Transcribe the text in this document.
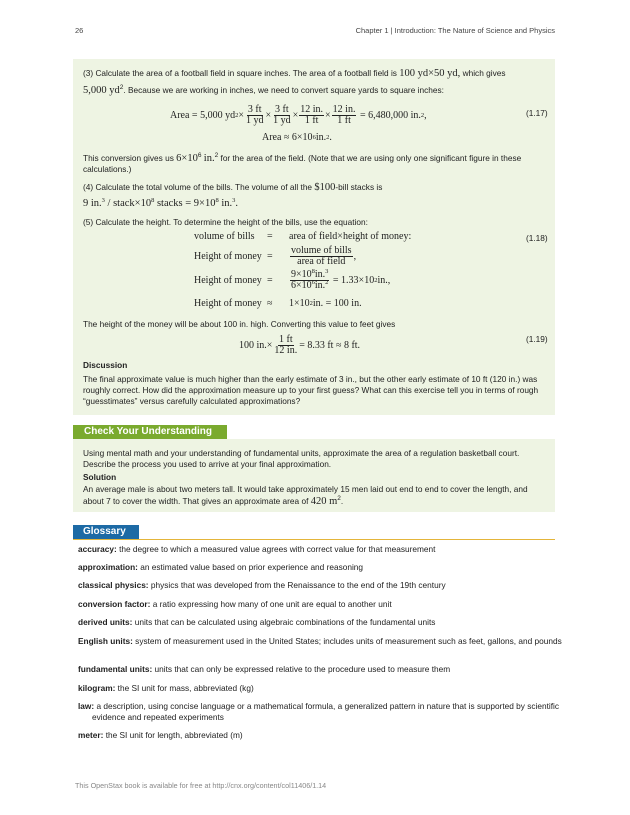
26	Chapter 1 | Introduction: The Nature of Science and Physics
(3) Calculate the area of a football field in square inches. The area of a football field is 100 yd×50 yd, which gives
5,000 $yd^2$. Because we are working in inches, we need to convert square yards to square inches:
Area = 5,000 yd $2 \times \frac{3 ft}{1 yd} \times \frac{3 ft}{1 yd} \times \frac{12 in.}{1 ft} \times \frac{12 in.}{1 ft} = 6,480,000$ in. 2 ,
Area ≈ 6×10 6 in. 2 .
(1.17)
This conversion gives us $6\times 10^6$ in.$^2$ for the area of the field. (Note that we are using only one significant figure in these calculations.)
(4) Calculate the total volume of the bills. The volume of all the $100-bill stacks is
9 $in.^3 / stack\times 10^8$ stacks = $9\times 10^8$ in.$^3$.
(5) Calculate the height. To determine the height of the bills, use the equation:
volume of bills	=	area of field×height of money:
Height of money =	$\frac{\text{volume of bills}}{\text{area of field}}$ ,
Height of money =	$\frac{9\times 10^8in.^3}{6\times 10^6in.^2} = 1.33\times 10$ 2 in.,
Height of money ≈	1×10 2 in. = 100 in.
(1.18)
The height of the money will be about 100 in. high. Converting this value to feet gives
100 $in.\times \frac{1 ft}{12 in.} = 8.33$ ft ≈ 8 ft.
(1.19)
Discussion
The final approximate value is much higher than the early estimate of 3 in., but the other early estimate of 10 ft (120 in.) was roughly correct. How did the approximation measure up to your first guess? What can this exercise tell you in terms of rough “guesstimates” versus carefully calculated approximations?
Check Your Understanding
Using mental math and your understanding of fundamental units, approximate the area of a regulation basketball court. Describe the process you used to arrive at your final approximation.
Solution
An average male is about two meters tall. It would take approximately 15 men laid out end to end to cover the length, and about 7 to cover the width. That gives an approximate area of 420 $m^2$.
Glossary
accuracy: the degree to which a measured value agrees with correct value for that measurement
approximation: an estimated value based on prior experience and reasoning
classical physics: physics that was developed from the Renaissance to the end of the 19th century
conversion factor: a ratio expressing how many of one unit are equal to another unit
derived units: units that can be calculated using algebraic combinations of the fundamental units
English units: system of measurement used in the United States; includes units of measurement such as feet, gallons, and pounds
fundamental units: units that can only be expressed relative to the procedure used to measure them
kilogram: the SI unit for mass, abbreviated (kg)
law: a description, using concise language or a mathematical formula, a generalized pattern in nature that is supported by scientific evidence and repeated experiments
meter: the SI unit for length, abbreviated (m)
This OpenStax book is available for free at http://cnx.org/content/col11406/1.14
